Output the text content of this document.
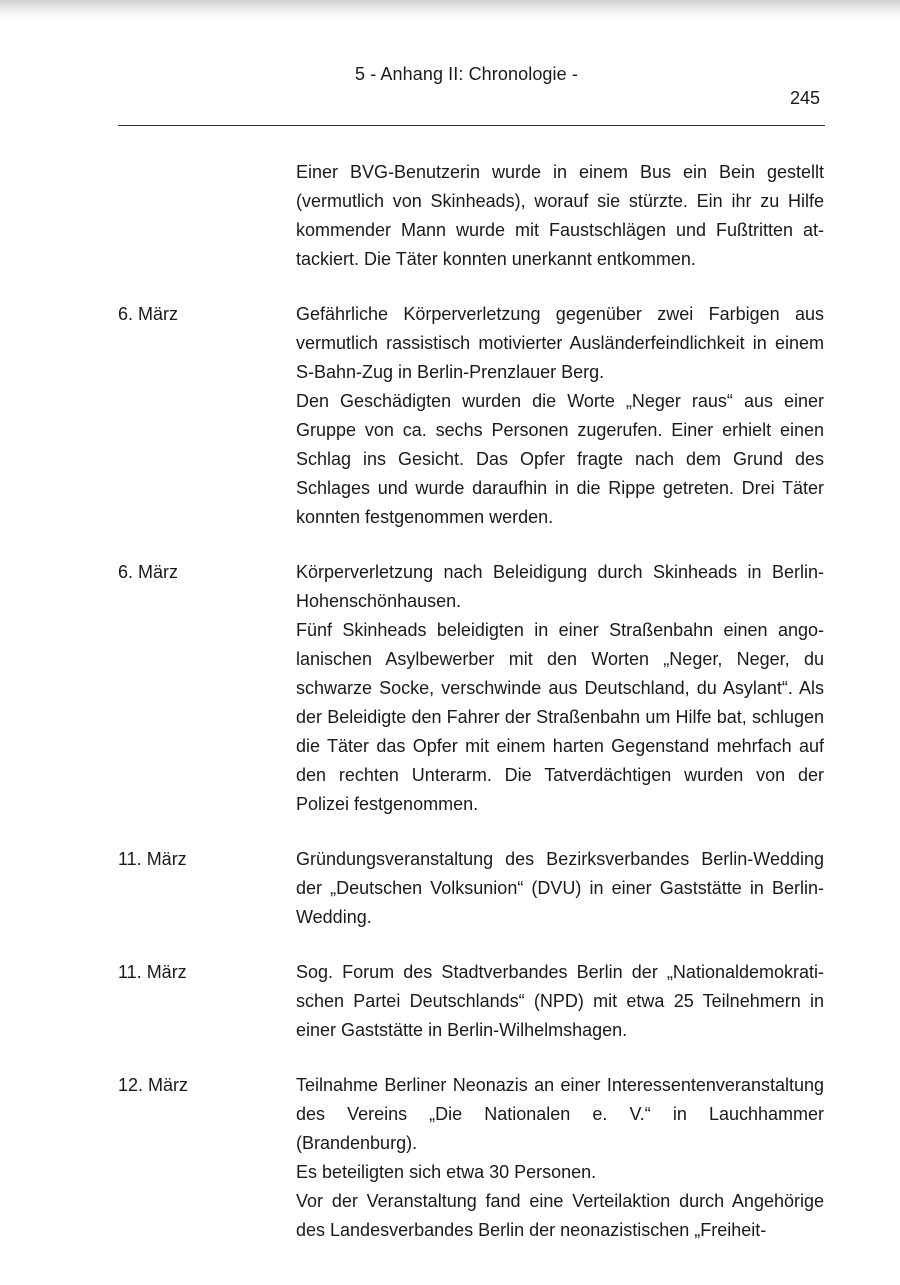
5 - Anhang II: Chronologie -
245

Einer BVG-Benutzerin wurde in einem Bus ein Bein gestellt (vermutlich von Skinheads), worauf sie stürzte. Ein ihr zu Hilfe kommender Mann wurde mit Faustschlägen und Fußtritten attackiert. Die Täter konnten unerkannt entkommen.

6. März	Gefährliche Körperverletzung gegenüber zwei Farbigen aus vermutlich rassistisch motivierter Ausländerfeindlichkeit in einem S-Bahn-Zug in Berlin-Prenzlauer Berg.

Den Geschädigten wurden die Worte „Neger raus“ aus einer Gruppe von ca. sechs Personen zugerufen. Einer erhielt einen Schlag ins Gesicht. Das Opfer fragte nach dem Grund des Schlages und wurde daraufhin in die Rippe getreten. Drei Täter konnten festgenommen werden.

6. März	Körperverletzung nach Beleidigung durch Skinheads in Berlin-Hohenschönhausen.

Fünf Skinheads beleidigten in einer Straßenbahn einen angolanischen Asylbewerber mit den Worten „Neger, Neger, du schwarze Socke, verschwinde aus Deutschland, du Asylant“. Als der Beleidigte den Fahrer der Straßenbahn um Hilfe bat, schlugen die Täter das Opfer mit einem harten Gegenstand mehrfach auf den rechten Unterarm. Die Tatverdächtigen wurden von der Polizei festgenommen.

11. März	Gründungsveranstaltung des Bezirksverbandes Berlin-Wedding der „Deutschen Volksunion“ (DVU) in einer Gaststätte in Berlin-Wedding.

11. März	Sog. Forum des Stadtverbandes Berlin der „Nationaldemokratischen Partei Deutschlands“ (NPD) mit etwa 25 Teilnehmern in einer Gaststätte in Berlin-Wilhelmshagen.

12. März	Teilnahme Berliner Neonazis an einer Interessentenveranstaltung des Vereins „Die Nationalen e. V.“ in Lauchhammer (Brandenburg).

Es beteiligten sich etwa 30 Personen.

Vor der Veranstaltung fand eine Verteilaktion durch Angehörige des Landesverbandes Berlin der neonazistischen „Freiheit-
